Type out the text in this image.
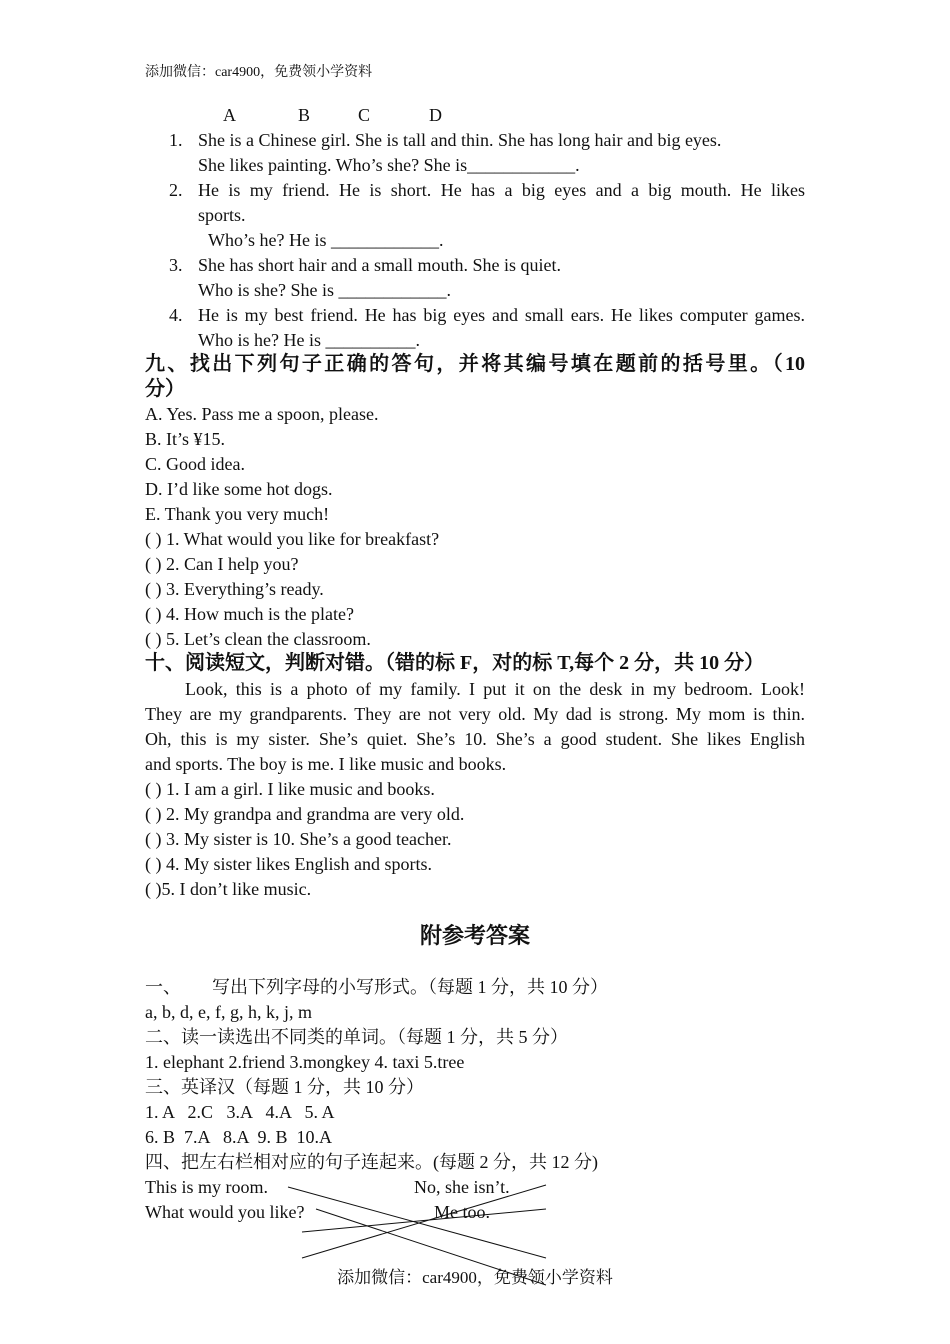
添加微信：car4900，免费领小学资料
A	B	C	D
1. She is a Chinese girl. She is tall and thin. She has long hair and big eyes.
She likes painting. Who’s she? She is____________.
2. He is my friend. He is short. He has a big eyes and a big mouth. He likes
sports.
Who’s he? He is ____________.
3. She has short hair and a small mouth. She is quiet.
Who is she? She is ____________.
4. He is my best friend. He has big eyes and small ears. He likes computer games.
Who is he? He is __________.
九、找出下列句子正确的答句，并将其编号填在题前的括号里。（10
分）
A. Yes. Pass me a spoon, please.
B. It’s ¥15.
C. Good idea.
D. I’d like some hot dogs.
E. Thank you very much!
( ) 1. What would you like for breakfast?
( ) 2. Can I help you?
( ) 3. Everything’s ready.
( ) 4. How much is the plate?
( ) 5. Let’s clean the classroom.
十、阅读短文，判断对错。（错的标 F，对的标 T,每个 2 分，共 10 分）
Look, this is a photo of my family. I put it on the desk in my bedroom. Look!
They are my grandparents. They are not very old. My dad is strong. My mom is thin.
Oh, this is my sister. She’s quiet. She’s 10. She’s a good student. She likes English
and sports. The boy is me. I like music and books.
( ) 1. I am a girl. I like music and books.
( ) 2. My grandpa and grandma are very old.
( ) 3. My sister is 10. She’s a good teacher.
( ) 4. My sister likes English and sports.
( )5. I don’t like music.
附参考答案
一、 写出下列字母的小写形式。（每题 1 分，共 10 分）
a, b, d, e, f, g, h, k, j, m
二、读一读选出不同类的单词。（每题 1 分，共 5 分）
1. elephant 2.friend 3.mongkey 4. taxi 5.tree
三、英译汉（每题 1 分，共 10 分）
1. A   2.C   3.A   4.A   5. A
6. B  7.A   8.A  9. B  10.A
四、把左右栏相对应的句子连起来。(每题 2 分，共 12 分)
This is my room.
What would you like?
No, she isn’t.
Me too.
添加微信：car4900，免费领小学资料
